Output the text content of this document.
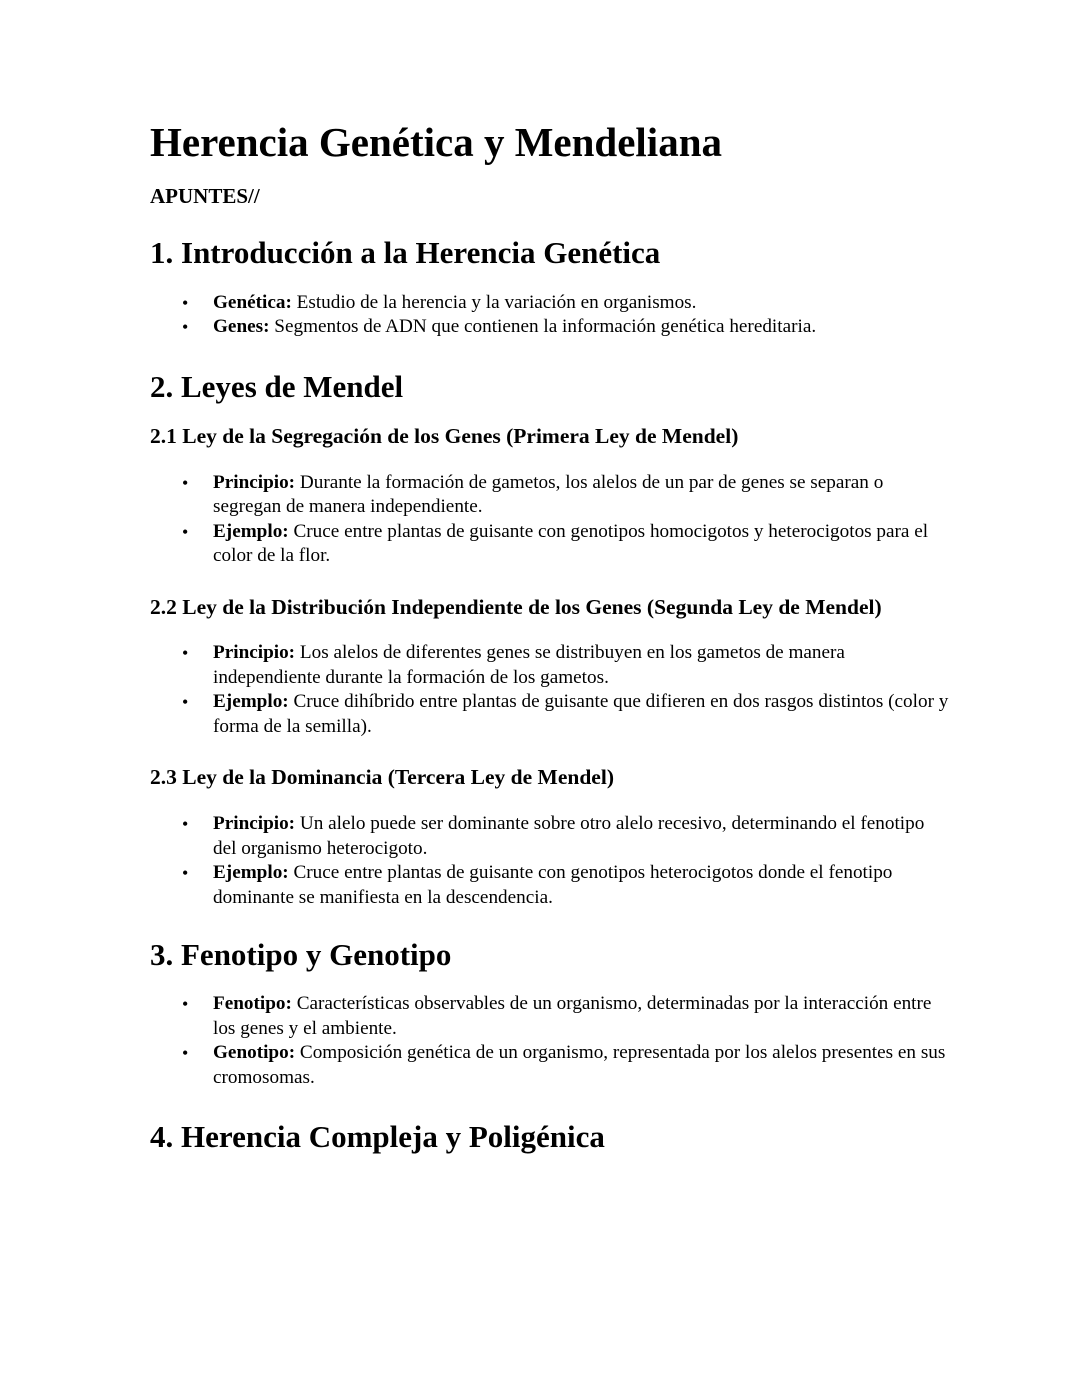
Herencia Genética y Mendeliana
APUNTES//
1. Introducción a la Herencia Genética
• Genética: Estudio de la herencia y la variación en organismos.
• Genes: Segmentos de ADN que contienen la información genética hereditaria.
2. Leyes de Mendel
2.1 Ley de la Segregación de los Genes (Primera Ley de Mendel)
• Principio: Durante la formación de gametos, los alelos de un par de genes se separan o segregan de manera independiente.
• Ejemplo: Cruce entre plantas de guisante con genotipos homocigotos y heterocigotos para el color de la flor.
2.2 Ley de la Distribución Independiente de los Genes (Segunda Ley de Mendel)
• Principio: Los alelos de diferentes genes se distribuyen en los gametos de manera independiente durante la formación de los gametos.
• Ejemplo: Cruce dihíbrido entre plantas de guisante que difieren en dos rasgos distintos (color y forma de la semilla).
2.3 Ley de la Dominancia (Tercera Ley de Mendel)
• Principio: Un alelo puede ser dominante sobre otro alelo recesivo, determinando el fenotipo del organismo heterocigoto.
• Ejemplo: Cruce entre plantas de guisante con genotipos heterocigotos donde el fenotipo dominante se manifiesta en la descendencia.
3. Fenotipo y Genotipo
• Fenotipo: Características observables de un organismo, determinadas por la interacción entre los genes y el ambiente.
• Genotipo: Composición genética de un organismo, representada por los alelos presentes en sus cromosomas.
4. Herencia Compleja y Poligénica
